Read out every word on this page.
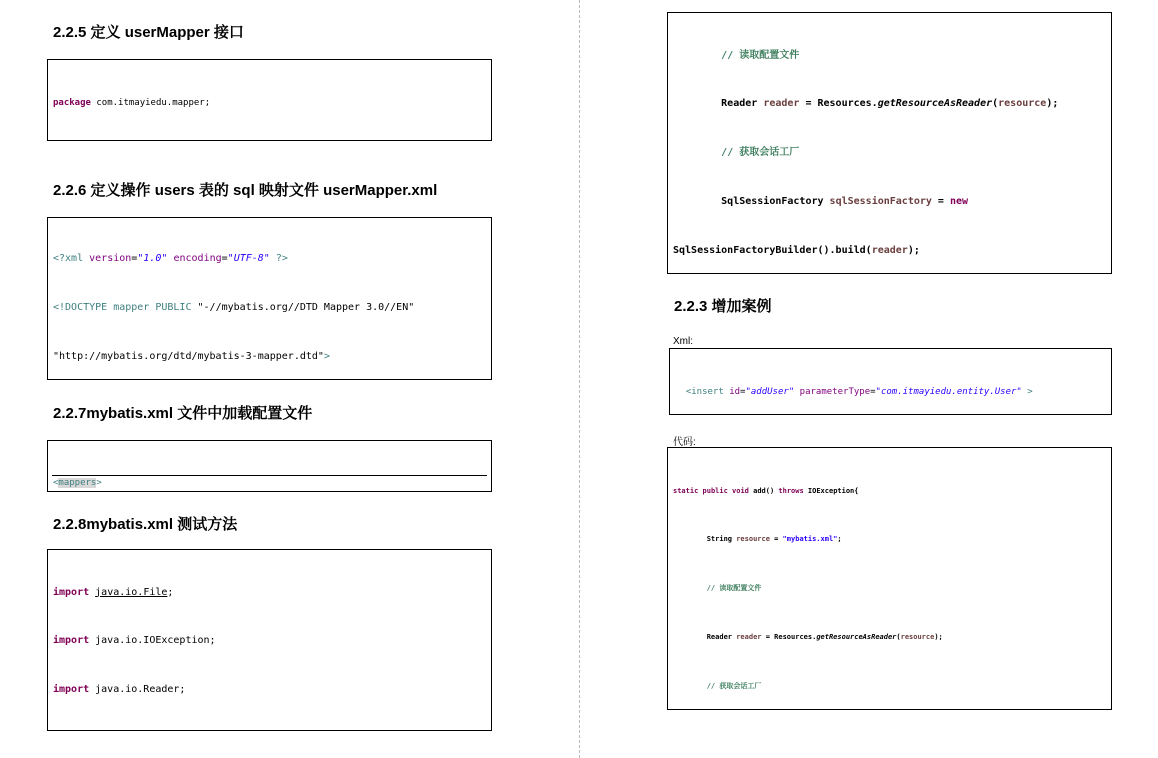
2.2.5 定义 userMapper 接口

package com.itmayiedu.mapper;

2.2.6 定义操作 users 表的 sql 映射文件 userMapper.xml

<?xml version="1.0" encoding="UTF-8" ?>

<!DOCTYPE mapper PUBLIC "-//mybatis.org//DTD Mapper 3.0//EN"

"http://mybatis.org/dtd/mybatis-3-mapper.dtd">

2.2.7mybatis.xml 文件中加载配置文件

<mappers>

2.2.8mybatis.xml 测试方法

import java.io.File;

import java.io.IOException;

import java.io.Reader;

// 读取配置文件

Reader reader = Resources.getResourceAsReader(resource);

// 获取会话工厂

SqlSessionFactory sqlSessionFactory = new

SqlSessionFactoryBuilder().build(reader);

2.2.3 增加案例
Xml:

<insert id="addUser" parameterType="com.itmayiedu.entity.User" >

代码:

static public void add() throws IOException{

String resource = "mybatis.xml";

// 读取配置文件

Reader reader = Resources.getResourceAsReader(resource);

// 获取会话工厂
